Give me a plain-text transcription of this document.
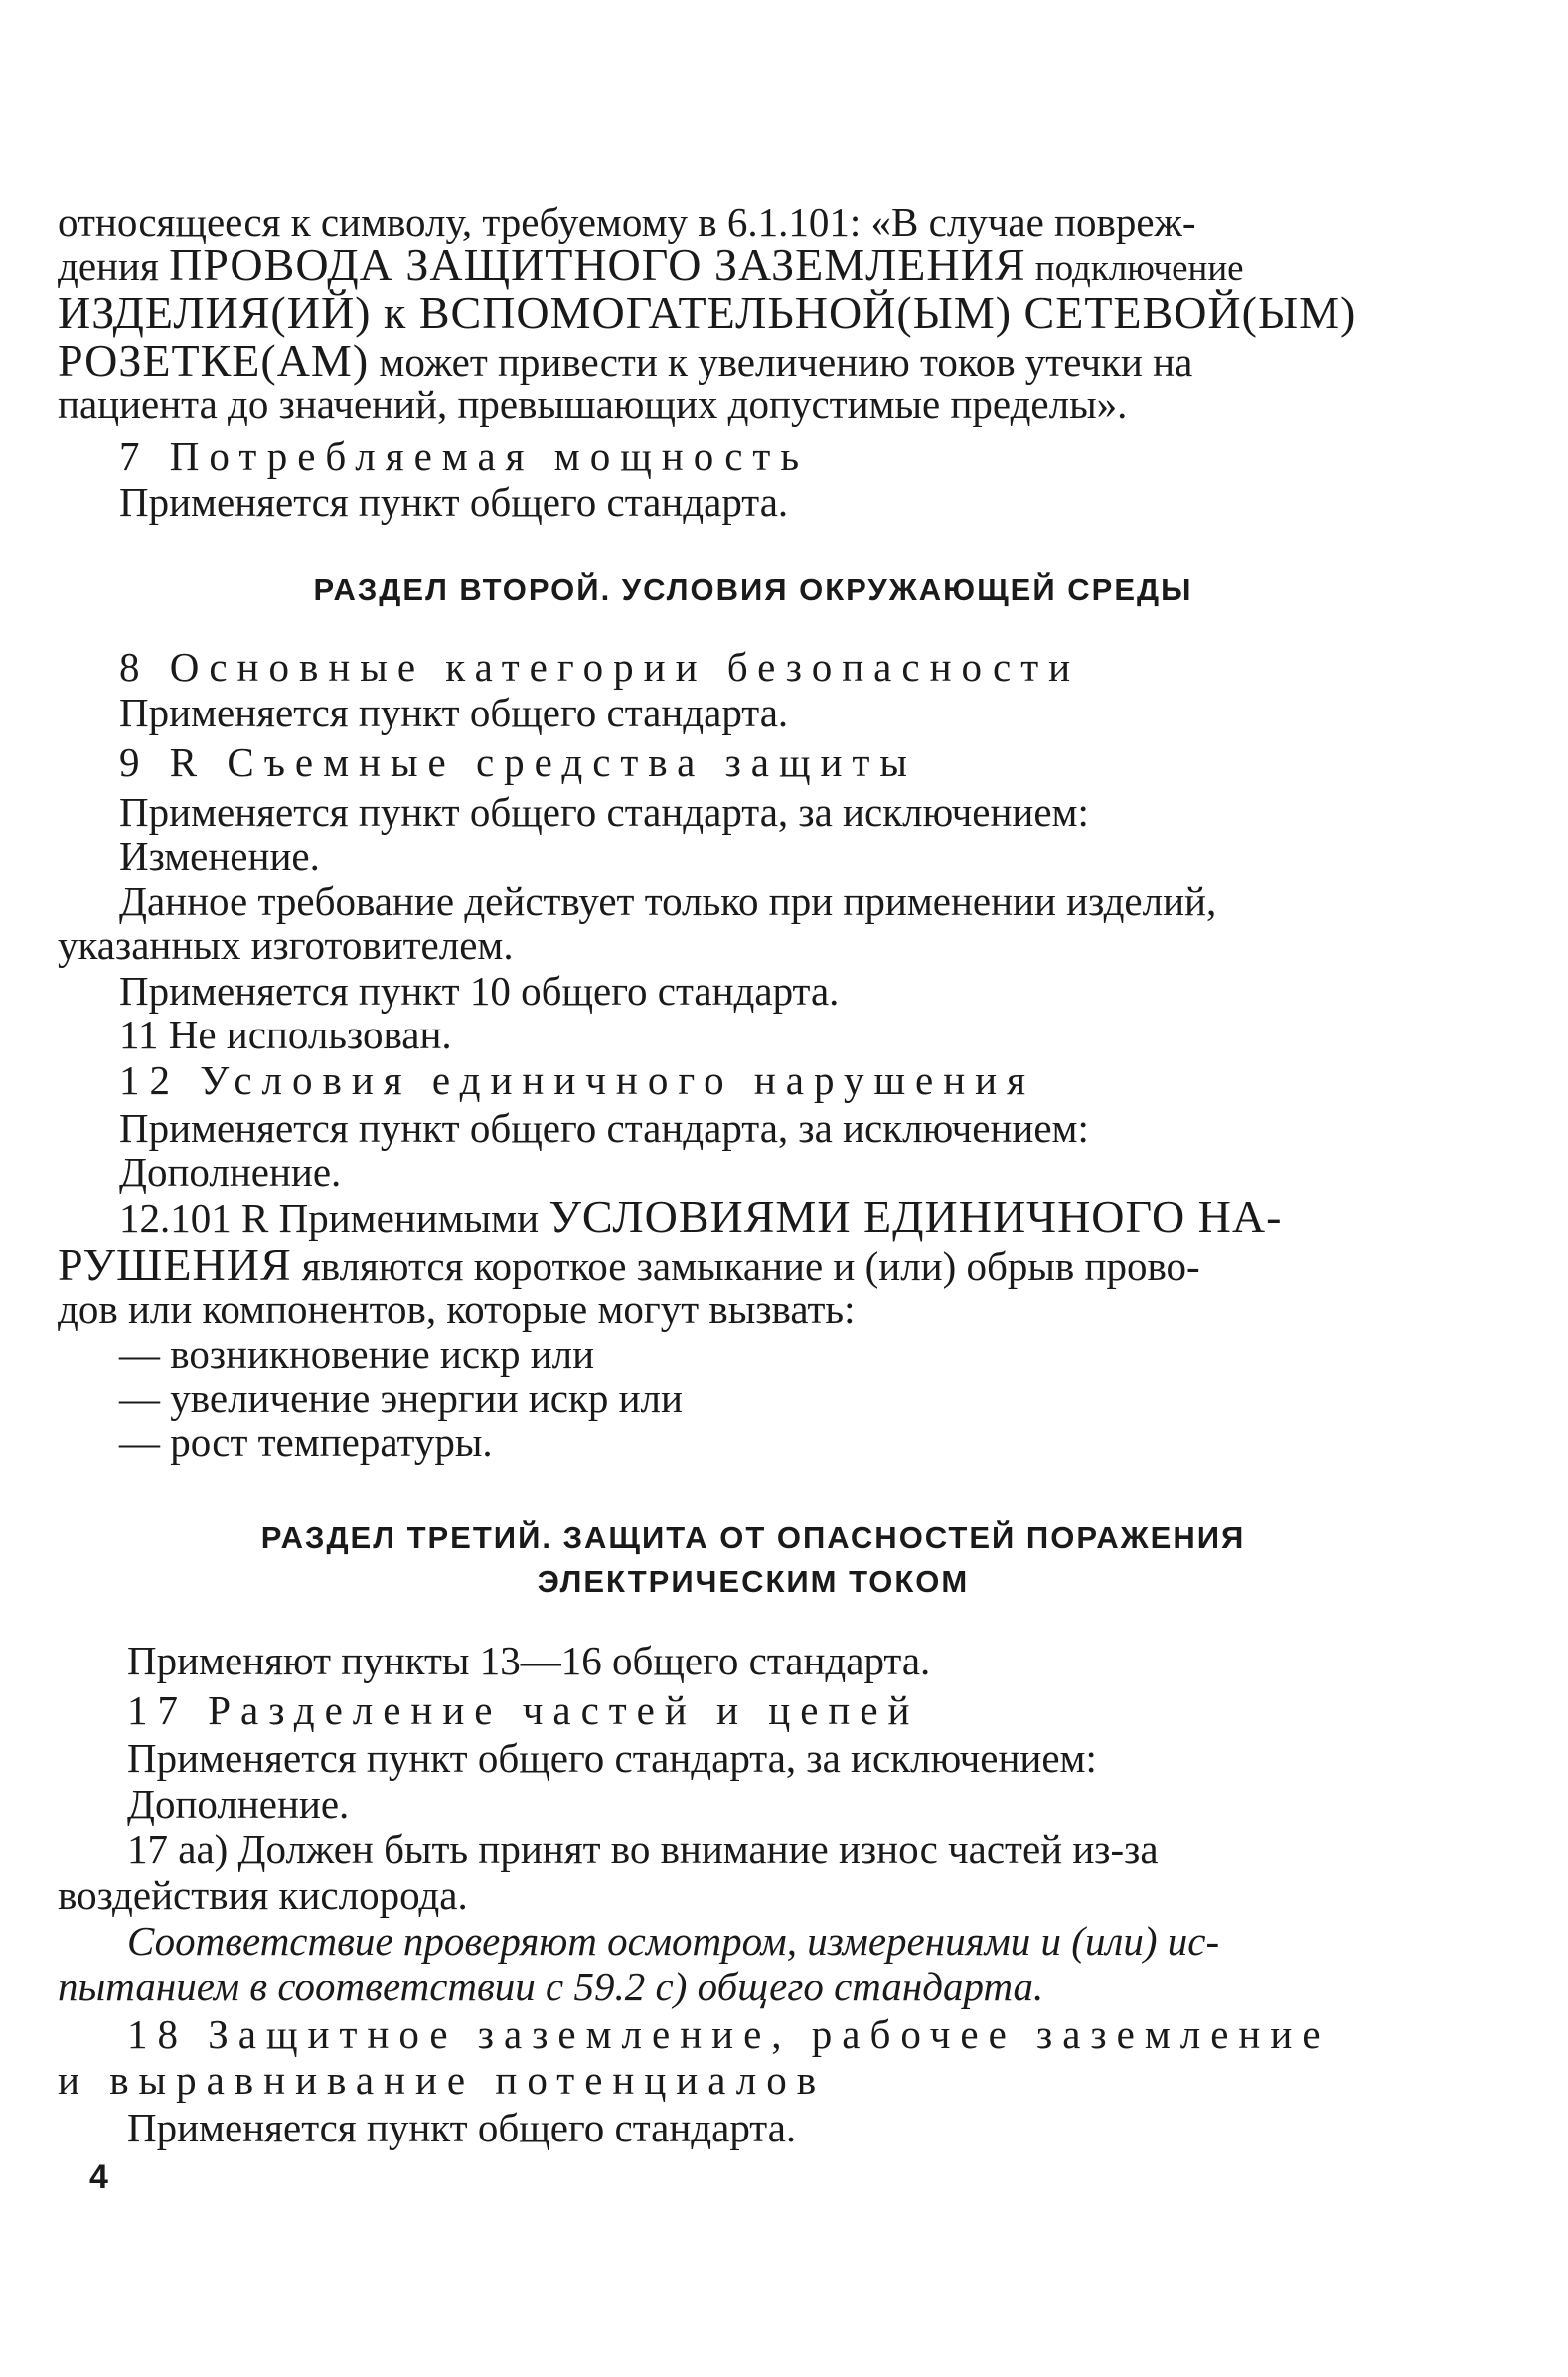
относящееся к символу, требуемому в 6.1.101: «В случае повреж-
дения ПРОВОДА ЗАЩИТНОГО ЗАЗЕМЛЕНИЯ подключение
ИЗДЕЛИЯ(ИЙ) к ВСПОМОГАТЕЛЬНОЙ(ЫМ) СЕТЕВОЙ(ЫМ)
РОЗЕТКЕ(АМ) может привести к увеличению токов утечки на
пациента до значений, превышающих допустимые пределы».
7 Потребляемая мощность
Применяется пункт общего стандарта.
РАЗДЕЛ ВТОРОЙ. УСЛОВИЯ ОКРУЖАЮЩЕЙ СРЕДЫ
8 Основные категории безопасности
Применяется пункт общего стандарта.
9 R Съемные средства защиты
Применяется пункт общего стандарта, за исключением:
Изменение.
Данное требование действует только при применении изделий,
указанных изготовителем.
Применяется пункт 10 общего стандарта.
11 Не использован.
12 Условия единичного нарушения
Применяется пункт общего стандарта, за исключением:
Дополнение.
12.101 R Применимыми УСЛОВИЯМИ ЕДИНИЧНОГО НА-
РУШЕНИЯ являются короткое замыкание и (или) обрыв прово-
дов или компонентов, которые могут вызвать:
— возникновение искр или
— увеличение энергии искр или
— рост температуры.
РАЗДЕЛ ТРЕТИЙ. ЗАЩИТА ОТ ОПАСНОСТЕЙ ПОРАЖЕНИЯ
ЭЛЕКТРИЧЕСКИМ ТОКОМ
Применяют пункты 13—16 общего стандарта.
17 Разделение частей и цепей
Применяется пункт общего стандарта, за исключением:
Дополнение.
17 аа) Должен быть принят во внимание износ частей из-за
воздействия кислорода.
Соответствие проверяют осмотром, измерениями и (или) ис-
пытанием в соответствии с 59.2 с) общего стандарта.
18 Защитное заземление, рабочее заземление
и выравнивание потенциалов
Применяется пункт общего стандарта.
4
